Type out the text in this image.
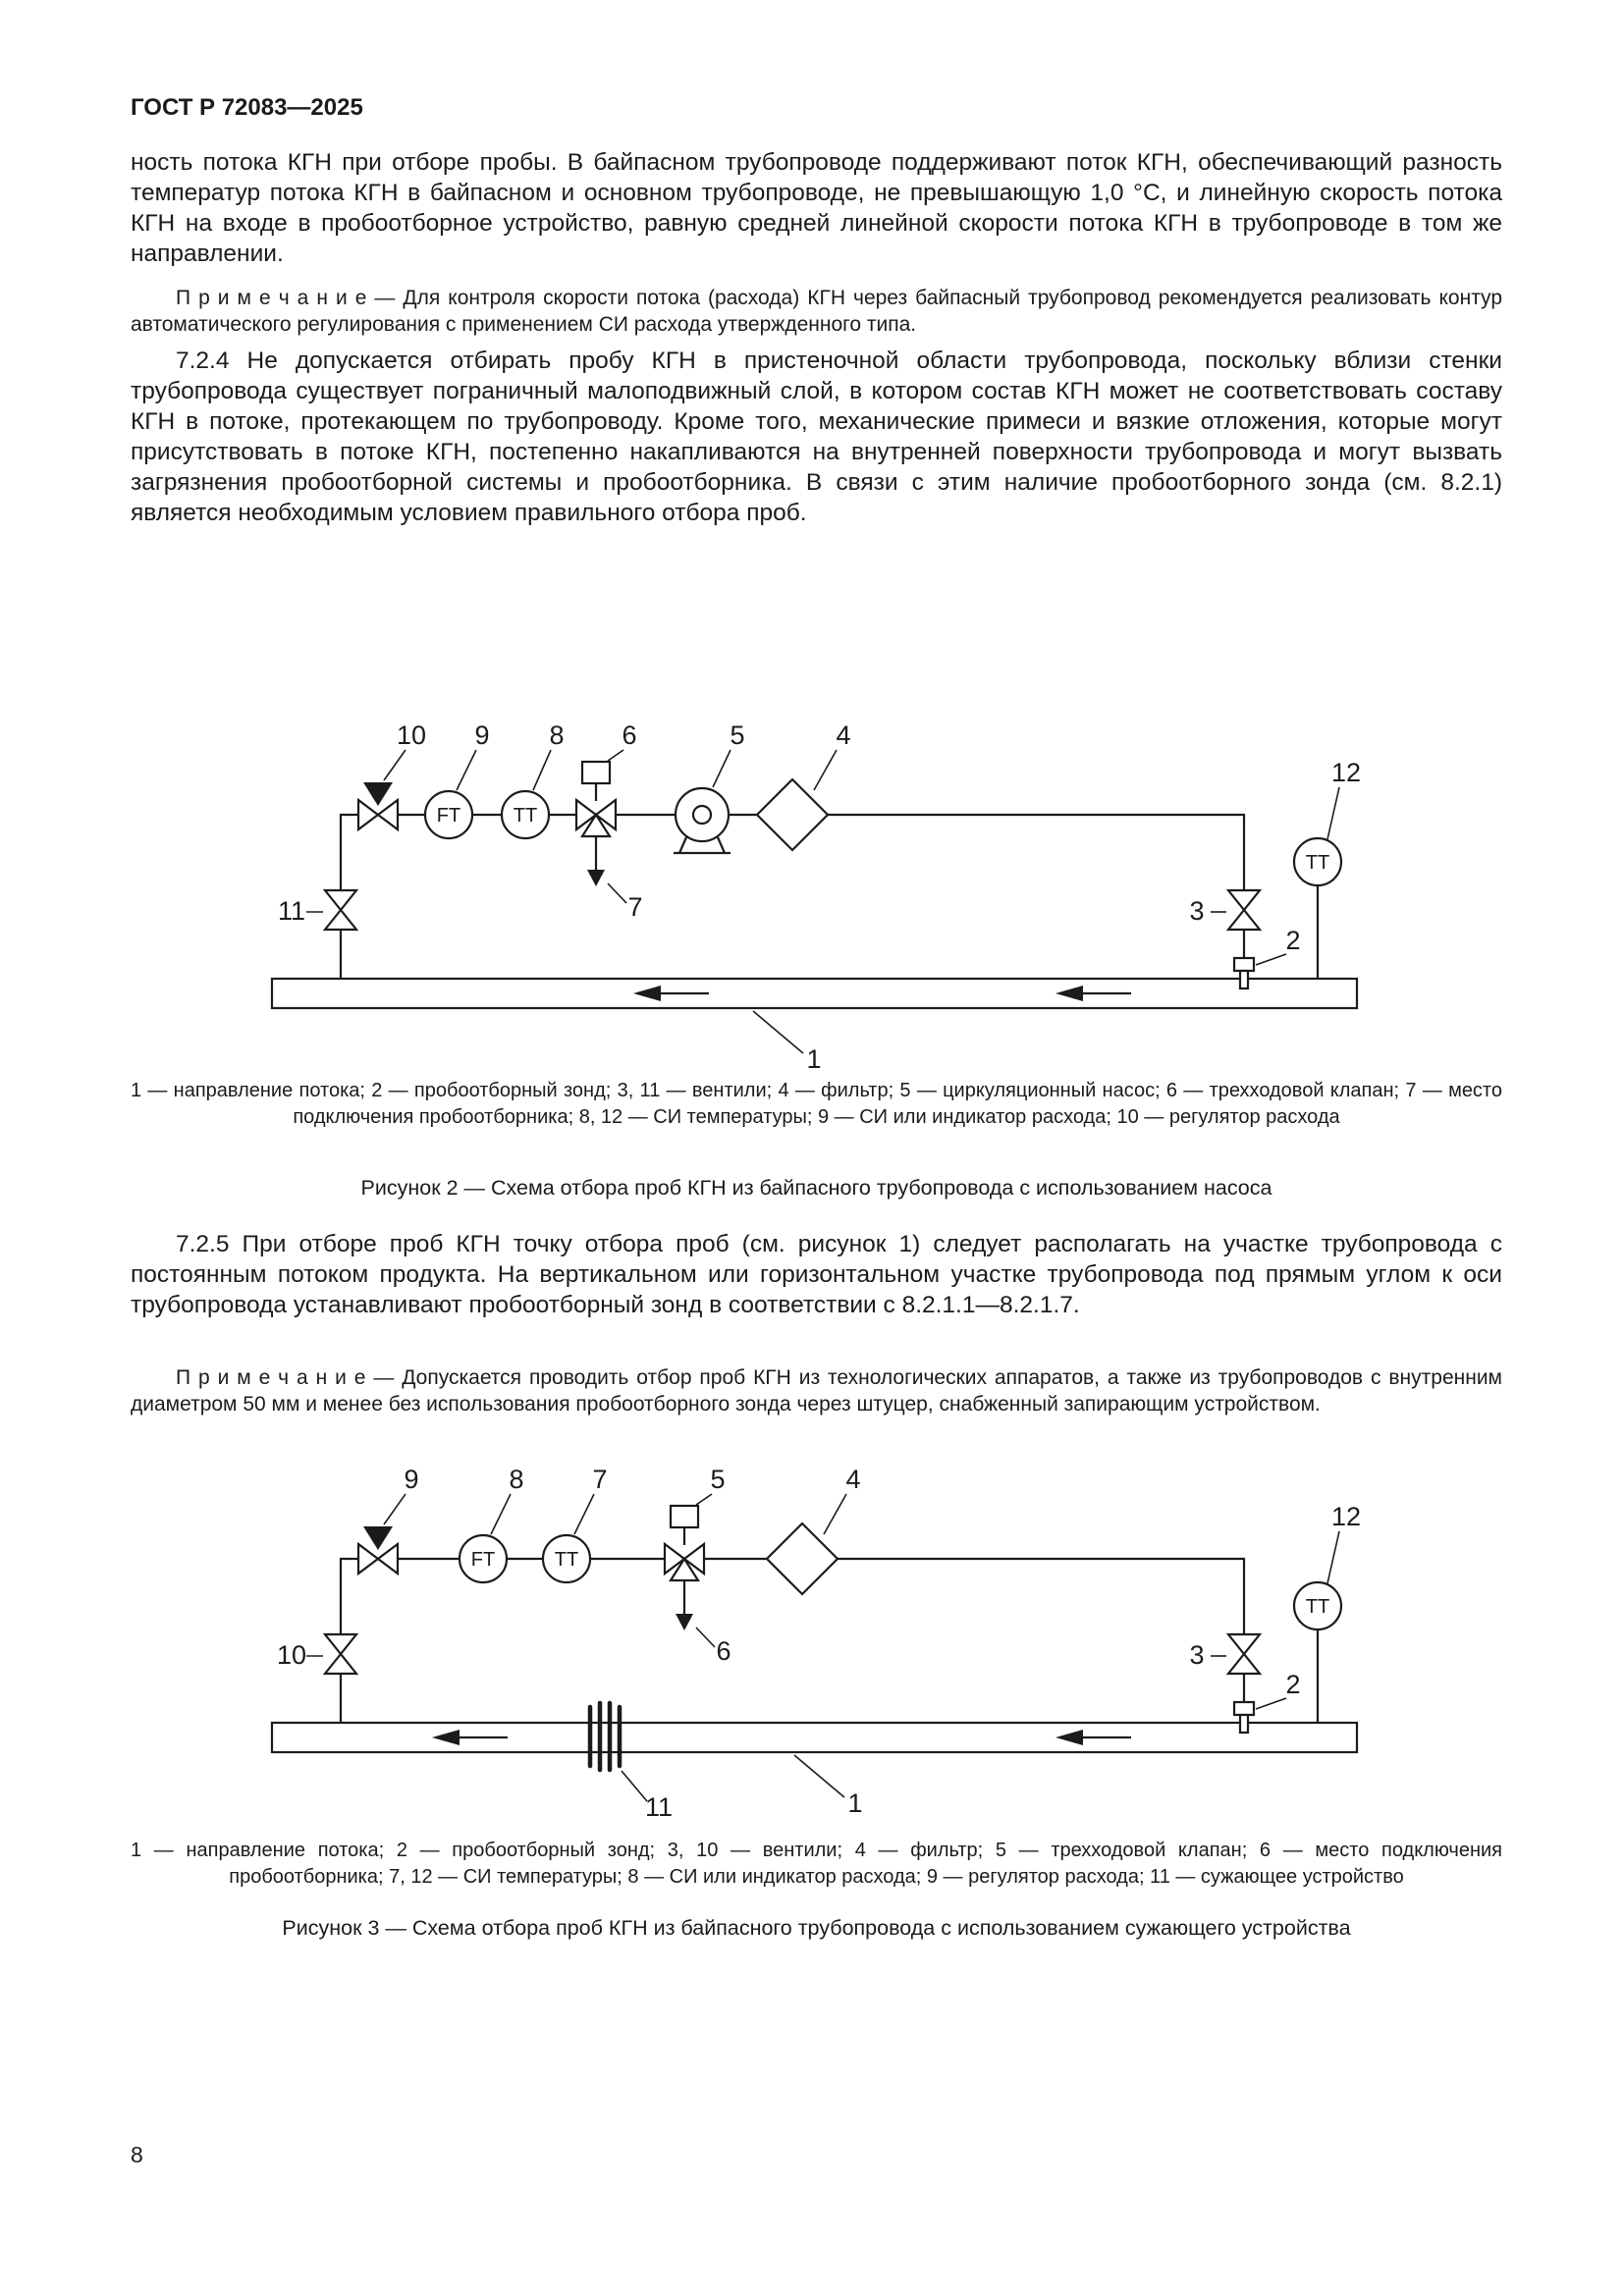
ГОСТ Р 72083—2025
ность потока КГН при отборе пробы. В байпасном трубопроводе поддерживают поток КГН, обеспечивающий разность температур потока КГН в байпасном и основном трубопроводе, не превышающую 1,0 °С, и линейную скорость потока КГН на входе в пробоотборное устройство, равную средней линейной скорости потока КГН в трубопроводе в том же направлении.
П р и м е ч а н и е — Для контроля скорости потока (расхода) КГН через байпасный трубопровод рекомендуется реализовать контур автоматического регулирования с применением СИ расхода утвержденного типа.
7.2.4 Не допускается отбирать пробу КГН в пристеночной области трубопровода, поскольку вблизи стенки трубопровода существует пограничный малоподвижный слой, в котором состав КГН может не соответствовать составу КГН в потоке, протекающем по трубопроводу. Кроме того, механические примеси и вязкие отложения, которые могут присутствовать в потоке КГН, постепенно накапливаются на внутренней поверхности трубопровода и могут вызвать загрязнения пробоотборной системы и пробоотборника. В связи с этим наличие пробоотборного зонда (см. 8.2.1) является необходимым условием правильного отбора проб.
FT	TT
TT
10 9 8 6	5	4
12
11	3
2
7
1
1 — направление потока; 2 — пробоотборный зонд; 3, 11 — вентили; 4 — фильтр; 5 — циркуляционный насос; 6 — трехходовой клапан; 7 — место подключения пробоотборника; 8, 12 — СИ температуры; 9 — СИ или индикатор расхода; 10 — регулятор расхода
Рисунок 2 — Схема отбора проб КГН из байпасного трубопровода с использованием насоса
7.2.5 При отборе проб КГН точку отбора проб (см. рисунок 1) следует располагать на участке трубопровода с постоянным потоком продукта. На вертикальном или горизонтальном участке трубопровода под прямым углом к оси трубопровода устанавливают пробоотборный зонд в соответствии с 8.2.1.1—8.2.1.7.
П р и м е ч а н и е — Допускается проводить отбор проб КГН из технологических аппаратов, а также из трубопроводов с внутренним диаметром 50 мм и менее без использования пробоотборного зонда через штуцер, снабженный запирающим устройством.
FT	TT
TT
9	8	7	5	4
12
10	3
2
6
11	1
1 — направление потока; 2 — пробоотборный зонд; 3, 10 — вентили; 4 — фильтр; 5 — трехходовой клапан; 6 — место подключения пробоотборника; 7, 12 — СИ температуры; 8 — СИ или индикатор расхода; 9 — регулятор расхода; 11 — сужающее устройство
Рисунок 3 — Схема отбора проб КГН из байпасного трубопровода с использованием сужающего устройства
8
